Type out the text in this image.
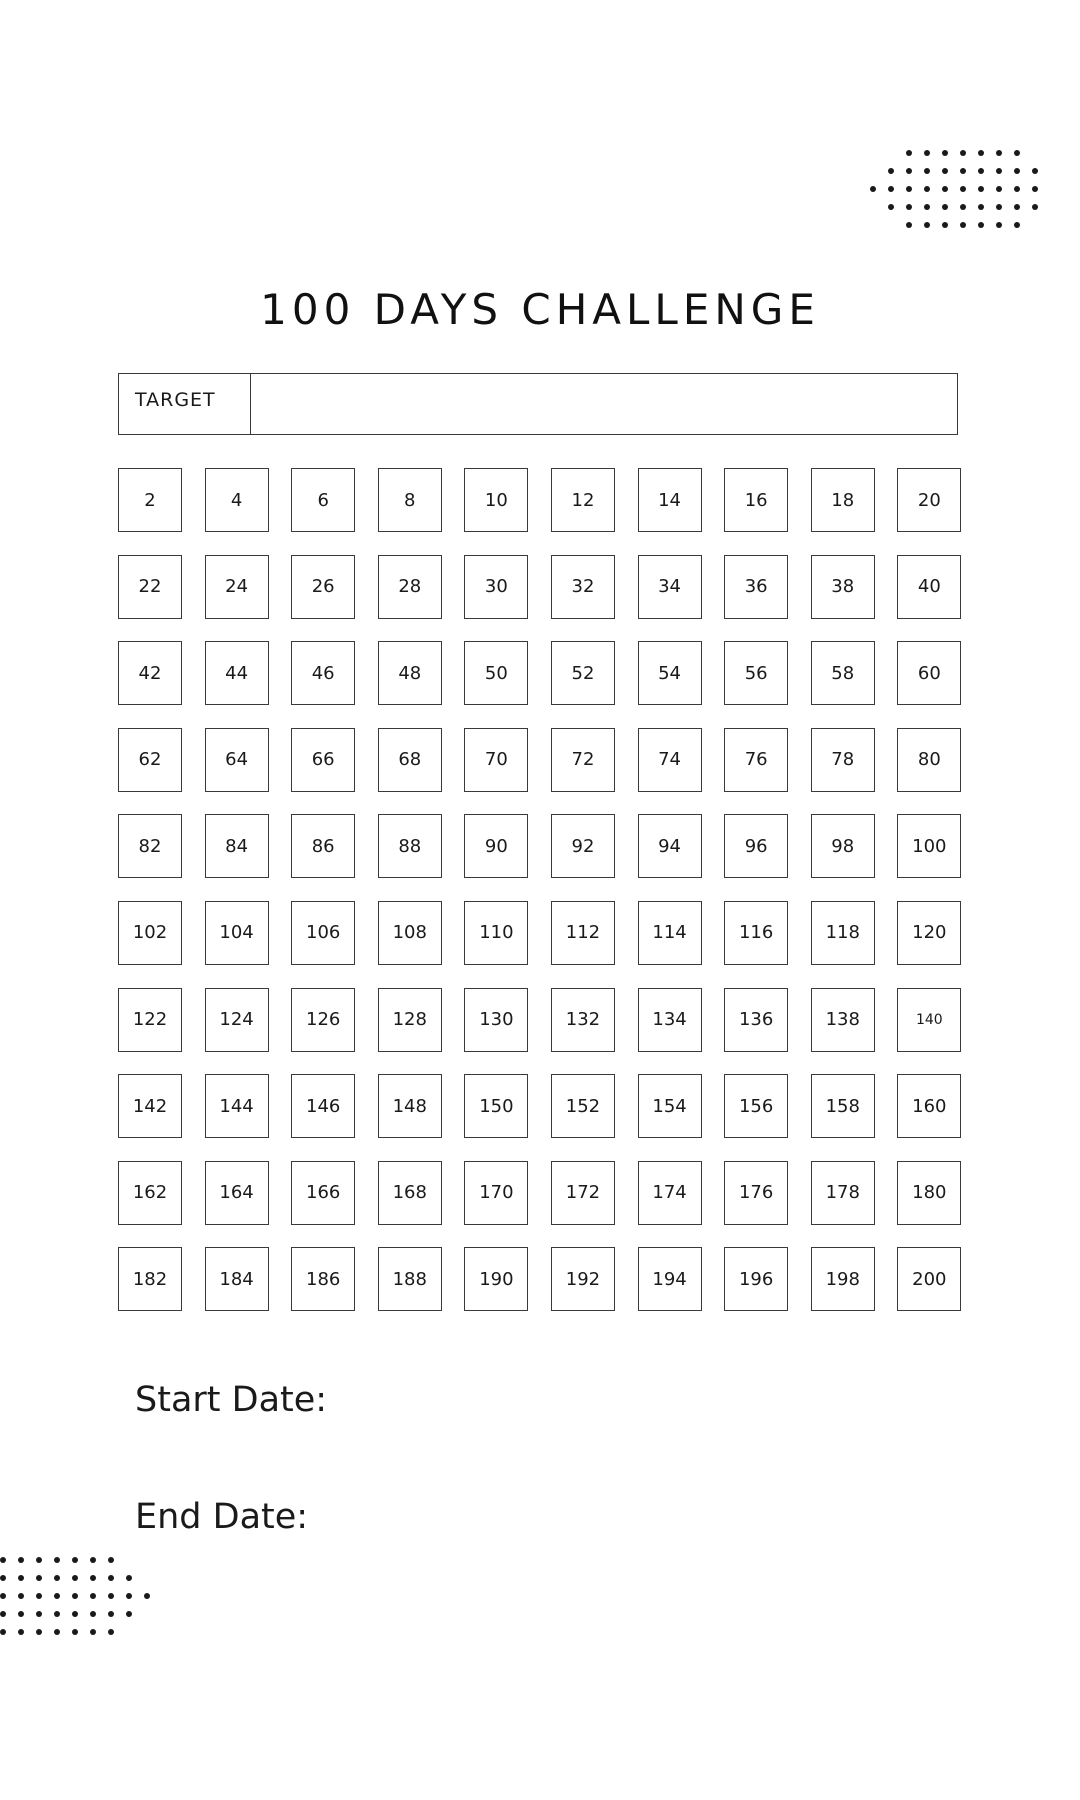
100 DAYS CHALLENGE
TARGET
2	4	6	8	10	12	14	16	18	20
22	24	26	28	30	32	34	36	38	40
42	44	46	48	50	52	54	56	58	60
62	64	66	68	70	72	74	76	78	80
82	84	86	88	90	92	94	96	98	100
102	104	106	108	110	112	114	116	118	120
122	124	126	128	130	132	134	136	138	140
142	144	146	148	150	152	154	156	158	160
162	164	166	168	170	172	174	176	178	180
182	184	186	188	190	192	194	196	198	200
Start Date:
End Date:
